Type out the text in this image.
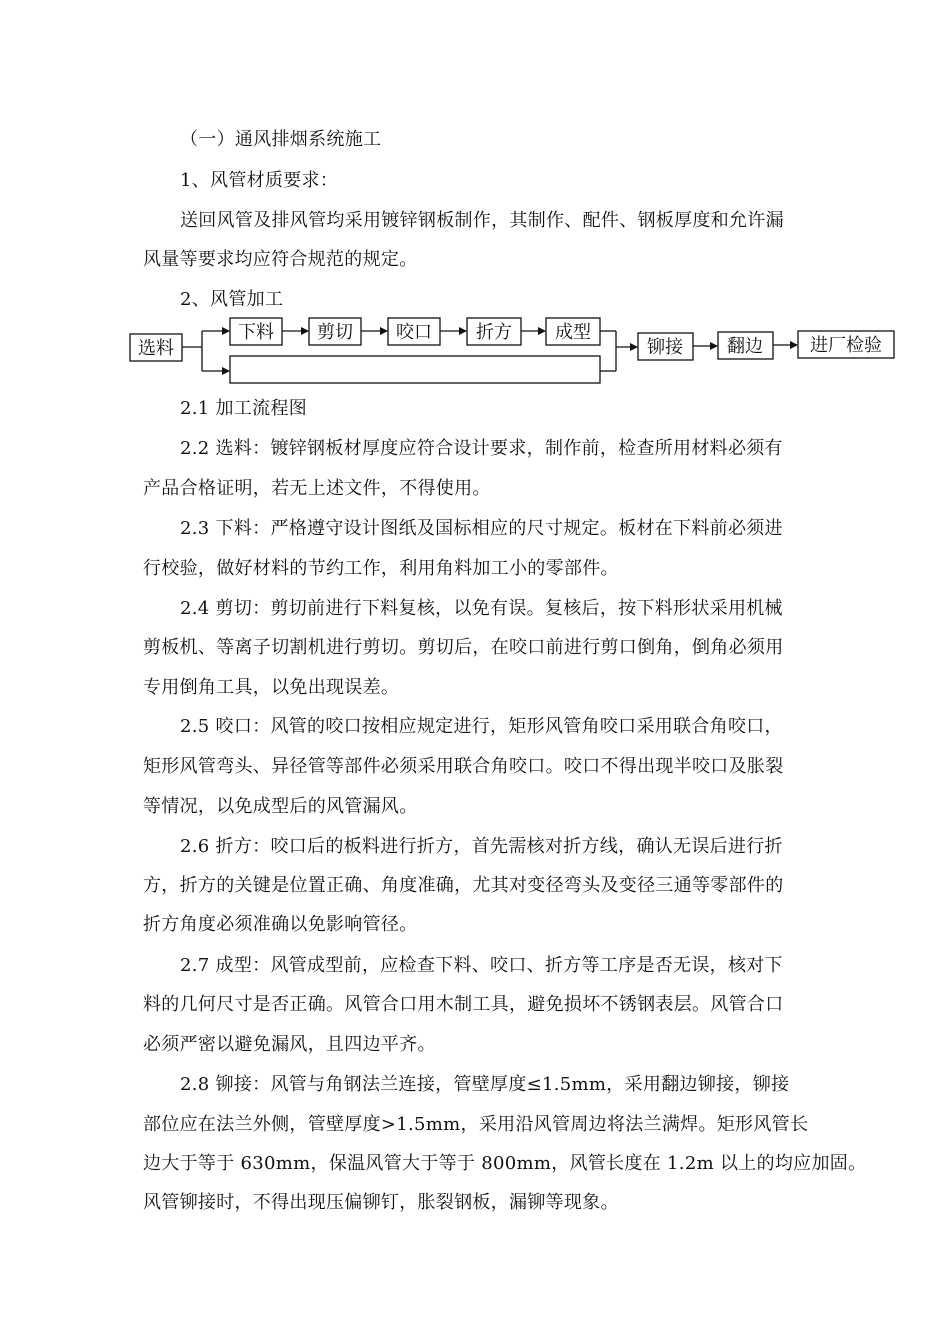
（一）通风排烟系统施工
1、风管材质要求：
送回风管及排风管均采用镀锌钢板制作，其制作、配件、钢板厚度和允许漏
风量等要求均应符合规范的规定。
2、风管加工
选料
下料 剪切 咬口 折方 成型
铆接 翻边	进厂检验
2.1 加工流程图
2.2 选料：镀锌钢板材厚度应符合设计要求，制作前，检查所用材料必须有
产品合格证明，若无上述文件，不得使用。
2.3 下料：严格遵守设计图纸及国标相应的尺寸规定。板材在下料前必须进
行校验，做好材料的节约工作，利用角料加工小的零部件。
2.4 剪切：剪切前进行下料复核，以免有误。复核后，按下料形状采用机械
剪板机、等离子切割机进行剪切。剪切后，在咬口前进行剪口倒角，倒角必须用
专用倒角工具，以免出现误差。
2.5 咬口：风管的咬口按相应规定进行，矩形风管角咬口采用联合角咬口，
矩形风管弯头、异径管等部件必须采用联合角咬口。咬口不得出现半咬口及胀裂
等情况，以免成型后的风管漏风。
2.6 折方：咬口后的板料进行折方，首先需核对折方线，确认无误后进行折
方，折方的关键是位置正确、角度准确，尤其对变径弯头及变径三通等零部件的
折方角度必须准确以免影响管径。
2.7 成型：风管成型前，应检查下料、咬口、折方等工序是否无误，核对下
料的几何尺寸是否正确。风管合口用木制工具，避免损坏不锈钢表层。风管合口
必须严密以避免漏风，且四边平齐。
2.8 铆接：风管与角钢法兰连接，管壁厚度≤1.5mm，采用翻边铆接，铆接
部位应在法兰外侧，管壁厚度>1.5mm，采用沿风管周边将法兰满焊。矩形风管长
边大于等于 630mm，保温风管大于等于 800mm，风管长度在 1.2m 以上的均应加固。
风管铆接时，不得出现压偏铆钉，胀裂钢板，漏铆等现象。
